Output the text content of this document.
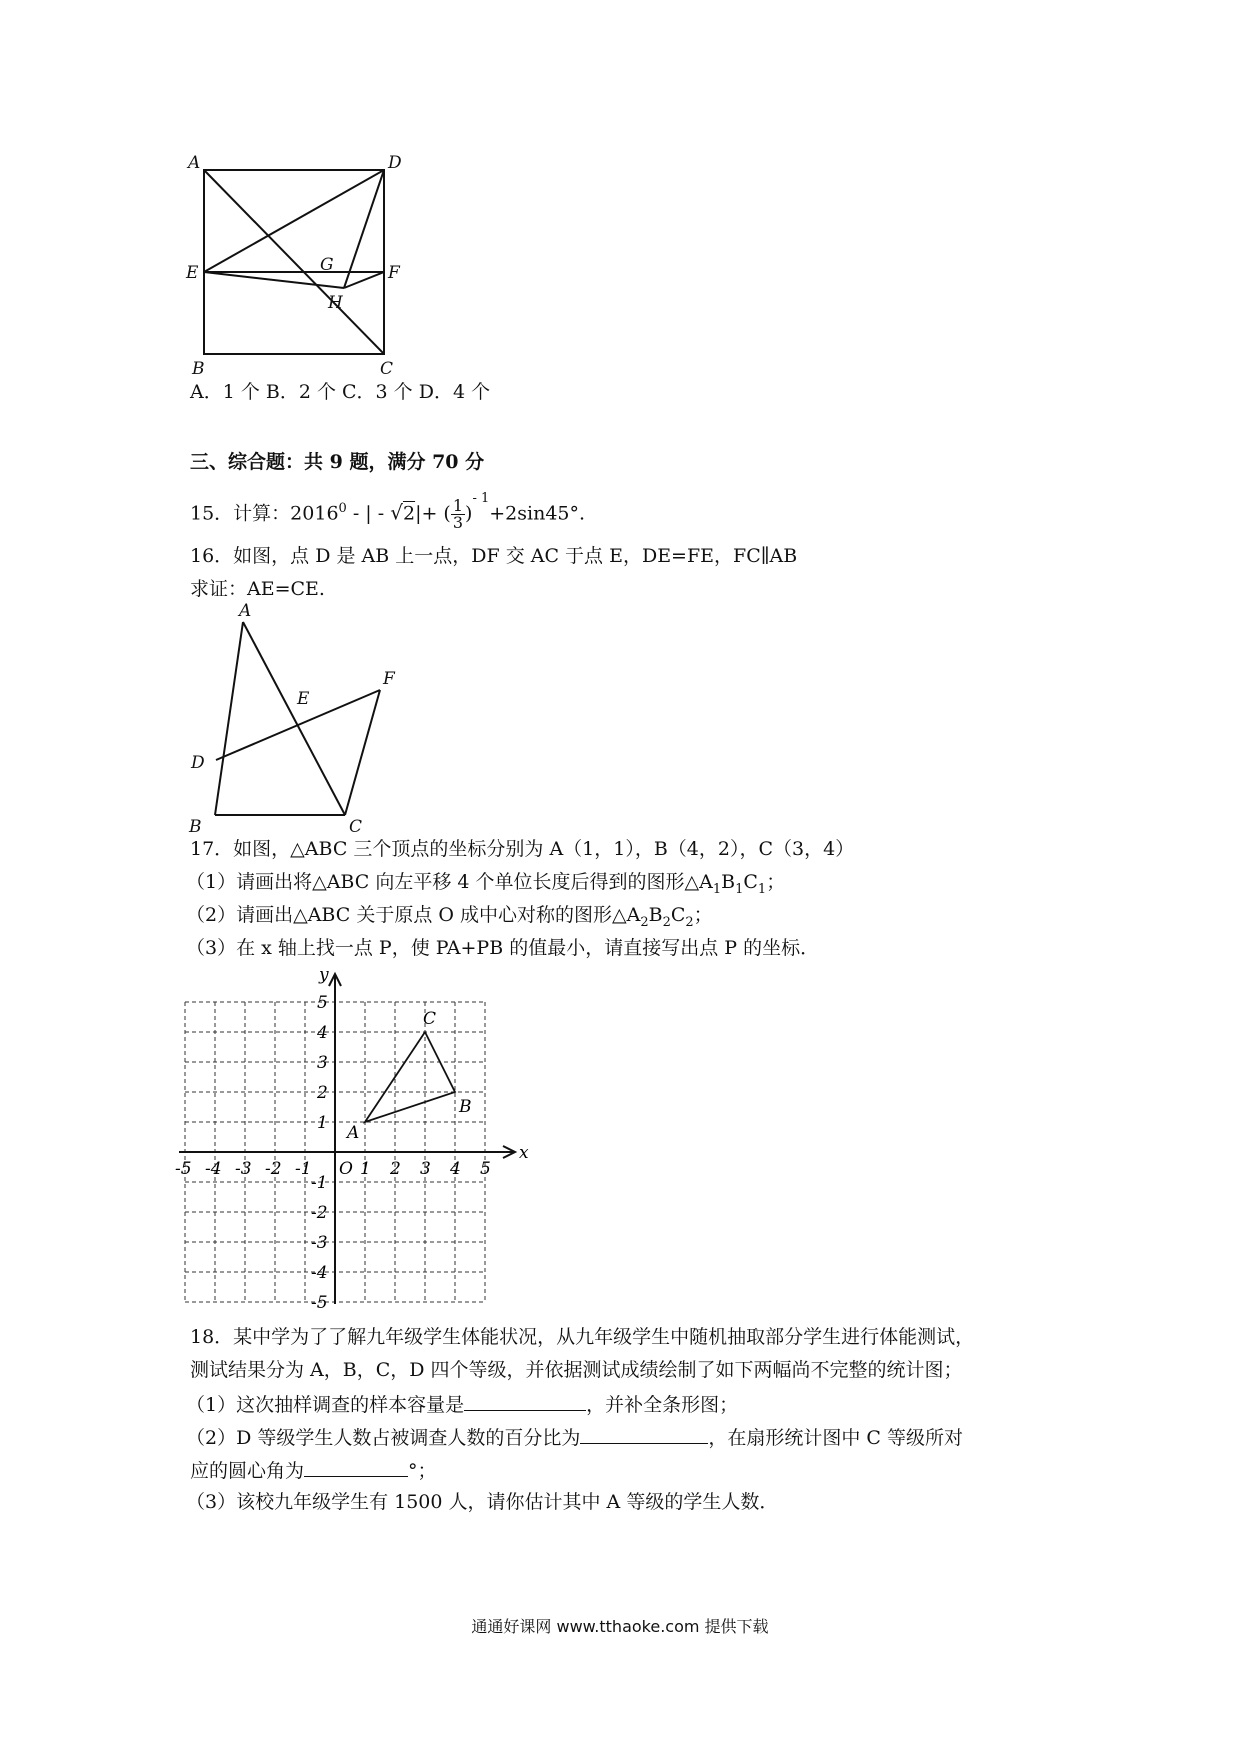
A	D
E	F
G
H
B	C
A．1 个 B．2 个 C．3 个 D．4 个
三、综合题：共 9 题，满分 70 分
15．计算：2016$^0$ - | - √2|+ ( $\frac{1}{3} )^{- 1}+2\sin 45^\circ$.
16．如图，点 D 是 AB 上一点，DF 交 AC 于点 E，DE=FE，FC∥AB
求证：AE=CE.
A
E
F
D
B	C
17．如图，△ABC 三个顶点的坐标分别为 A（1，1），B（4，2），C（3，4）
（1）请画出将△ABC 向左平移 4 个单位长度后得到的图形$\triangle A_1B_1C_1$；
（2）请画出△ABC 关于原点 O 成中心对称的图形$\triangle A_2B_2C_2$；
（3）在 x 轴上找一点 P，使 PA+PB 的值最小，请直接写出点 P 的坐标．
x
y
O
-5 -4 -3 -2 -1	1 2 3 4 5
1
2
3
4
5
-1
-2
-3
-4
-5
A
B
C
18．某中学为了了解九年级学生体能状况，从九年级学生中随机抽取部分学生进行体能测试，
测试结果分为 A，B，C，D 四个等级，并依据测试成绩绘制了如下两幅尚不完整的统计图；
（1）这次抽样调查的样本容量是	，并补全条形图；
（2）D 等级学生人数占被调查人数的百分比为	，在扇形统计图中 C 等级所对
应的圆心角为	°；
（3）该校九年级学生有 1500 人，请你估计其中 A 等级的学生人数．
通通好课网 www.tthaoke.com 提供下载
